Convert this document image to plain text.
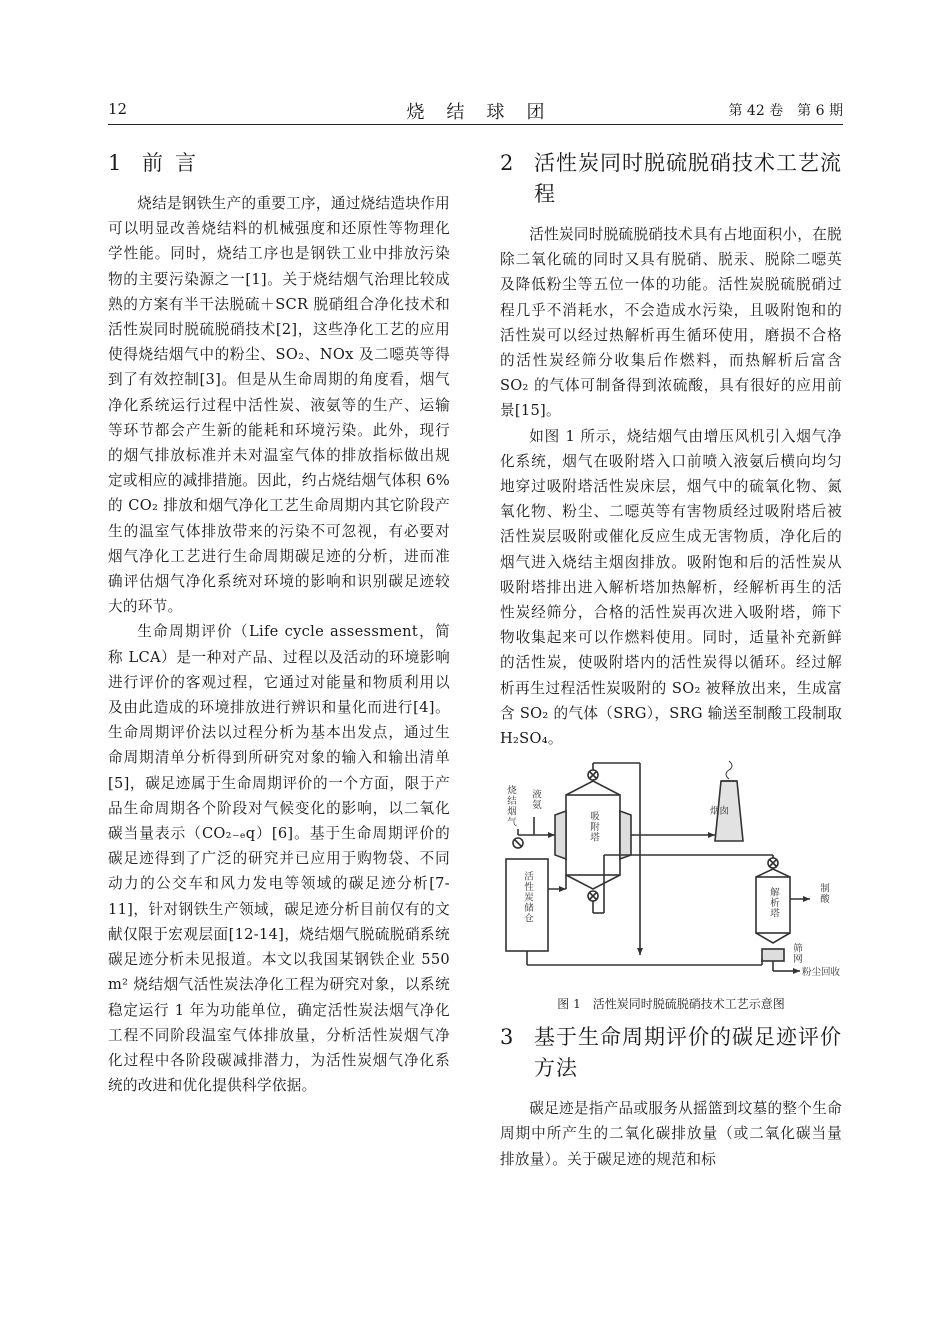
12	烧结球团	第 42 卷　第 6 期
1 前言

烧结是钢铁生产的重要工序，通过烧结造块作用可以明显改善烧结料的机械强度和还原性等物理化学性能。同时，烧结工序也是钢铁工业中排放污染物的主要污染源之一[1]。关于烧结烟气治理比较成熟的方案有半干法脱硫＋SCR 脱硝组合净化技术和活性炭同时脱硫脱硝技术[2]，这些净化工艺的应用使得烧结烟气中的粉尘、SO₂、NOx 及二噁英等得到了有效控制[3]。但是从生命周期的角度看，烟气净化系统运行过程中活性炭、液氨等的生产、运输等环节都会产生新的能耗和环境污染。此外，现行的烟气排放标准并未对温室气体的排放指标做出规定或相应的减排措施。因此，约占烧结烟气体积 6% 的 CO₂ 排放和烟气净化工艺生命周期内其它阶段产生的温室气体排放带来的污染不可忽视，有必要对烟气净化工艺进行生命周期碳足迹的分析，进而准确评估烟气净化系统对环境的影响和识别碳足迹较大的环节。

生命周期评价（Life cycle assessment，简称 LCA）是一种对产品、过程以及活动的环境影响进行评价的客观过程，它通过对能量和物质利用以及由此造成的环境排放进行辨识和量化而进行[4]。生命周期评价法以过程分析为基本出发点，通过生命周期清单分析得到所研究对象的输入和输出清单[5]，碳足迹属于生命周期评价的一个方面，限于产品生命周期各个阶段对气候变化的影响，以二氧化碳当量表示（CO₂₋ₑq）[6]。基于生命周期评价的碳足迹得到了广泛的研究并已应用于购物袋、不同动力的公交车和风力发电等领域的碳足迹分析[7-11]，针对钢铁生产领域，碳足迹分析目前仅有的文献仅限于宏观层面[12-14]，烧结烟气脱硫脱硝系统碳足迹分析未见报道。本文以我国某钢铁企业 550 m² 烧结烟气活性炭法净化工程为研究对象，以系统稳定运行 1 年为功能单位，确定活性炭法烟气净化工程不同阶段温室气体排放量，分析活性炭烟气净化过程中各阶段碳减排潜力，为活性炭烟气净化系统的改进和优化提供科学依据。

2 活性炭同时脱硫脱硝技术工艺流程

活性炭同时脱硫脱硝技术具有占地面积小，在脱除二氧化硫的同时又具有脱硝、脱汞、脱除二噁英及降低粉尘等五位一体的功能。活性炭脱硫脱硝过程几乎不消耗水，不会造成水污染，且吸附饱和的活性炭可以经过热解析再生循环使用，磨损不合格的活性炭经筛分收集后作燃料，而热解析后富含 SO₂ 的气体可制备得到浓硫酸，具有很好的应用前景[15]。

如图 1 所示，烧结烟气由增压风机引入烟气净化系统，烟气在吸附塔入口前喷入液氨后横向均匀地穿过吸附塔活性炭床层，烟气中的硫氧化物、氮氧化物、粉尘、二噁英等有害物质经过吸附塔后被活性炭层吸附或催化反应生成无害物质，净化后的烟气进入烧结主烟囱排放。吸附饱和后的活性炭从吸附塔排出进入解析塔加热解析，经解析再生的活性炭经筛分，合格的活性炭再次进入吸附塔，筛下物收集起来可以作燃料使用。同时，适量补充新鲜的活性炭，使吸附塔内的活性炭得以循环。经过解析再生过程活性炭吸附的 SO₂ 被释放出来，生成富含 SO₂ 的气体（SRG），SRG 输送至制酸工段制取 H₂SO₄。

烧结烟气 液氨
吸附塔	烟囱
活性炭储仓	解析塔	制酸
筛网
粉尘回收
图 1　活性炭同时脱硫脱硝技术工艺示意图
3 基于生命周期评价的碳足迹评价方法

碳足迹是指产品或服务从摇篮到坟墓的整个生命周期中所产生的二氧化碳排放量（或二氧化碳当量排放量）。关于碳足迹的规范和标
